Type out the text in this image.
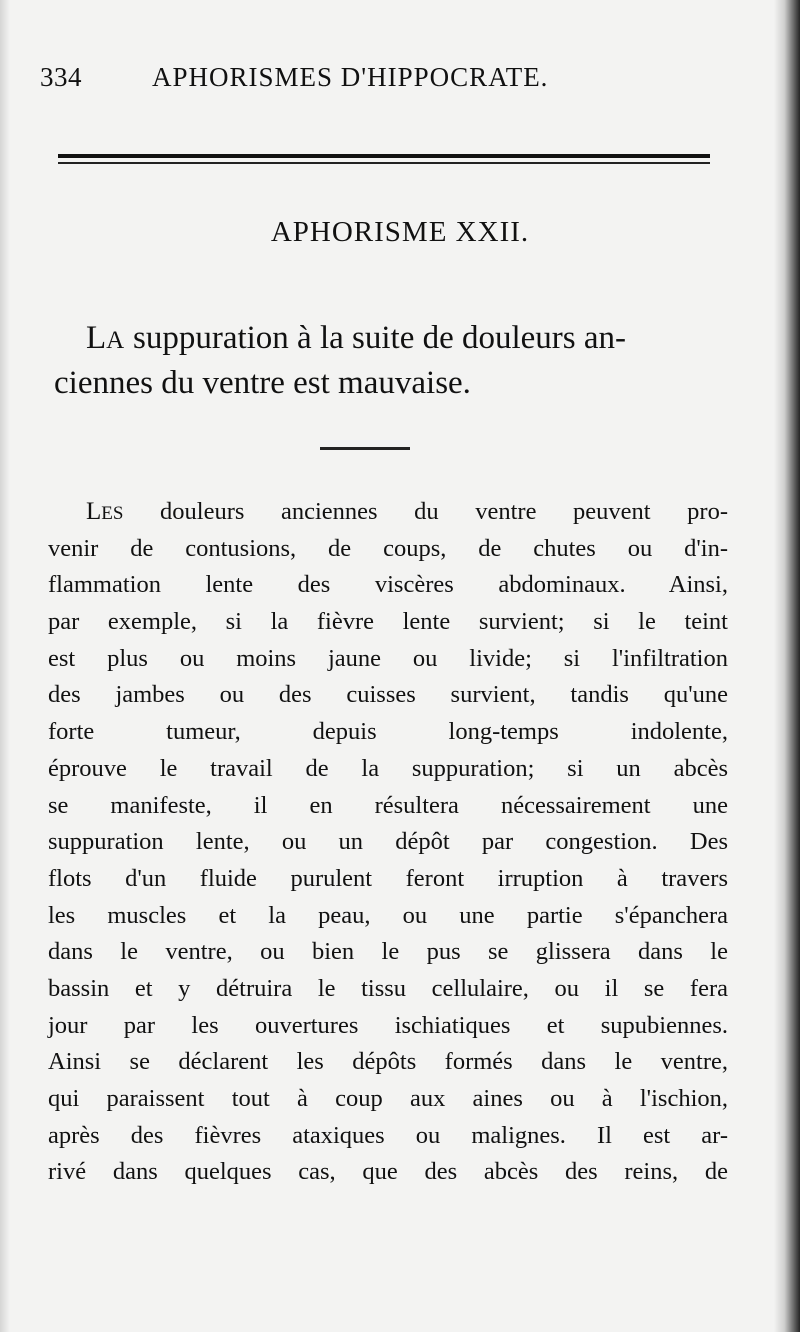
334	APHORISMES D'HIPPOCRATE.
APHORISME XXII.
LA suppuration à la suite de douleurs an-
ciennes du ventre est mauvaise.
LES douleurs anciennes du ventre peuvent pro-
venir de contusions, de coups, de chutes ou d'in-
flammation lente des viscères abdominaux. Ainsi,
par exemple, si la fièvre lente survient; si le teint
est plus ou moins jaune ou livide; si l'infiltration
des jambes ou des cuisses survient, tandis qu'une
forte tumeur, depuis long-temps indolente,
éprouve le travail de la suppuration; si un abcès
se manifeste, il en résultera nécessairement une
suppuration lente, ou un dépôt par congestion. Des
flots d'un fluide purulent feront irruption à travers
les muscles et la peau, ou une partie s'épanchera
dans le ventre, ou bien le pus se glissera dans le
bassin et y détruira le tissu cellulaire, ou il se fera
jour par les ouvertures ischiatiques et supubiennes.
Ainsi se déclarent les dépôts formés dans le ventre,
qui paraissent tout à coup aux aines ou à l'ischion,
après des fièvres ataxiques ou malignes. Il est ar-
rivé dans quelques cas, que des abcès des reins, de
